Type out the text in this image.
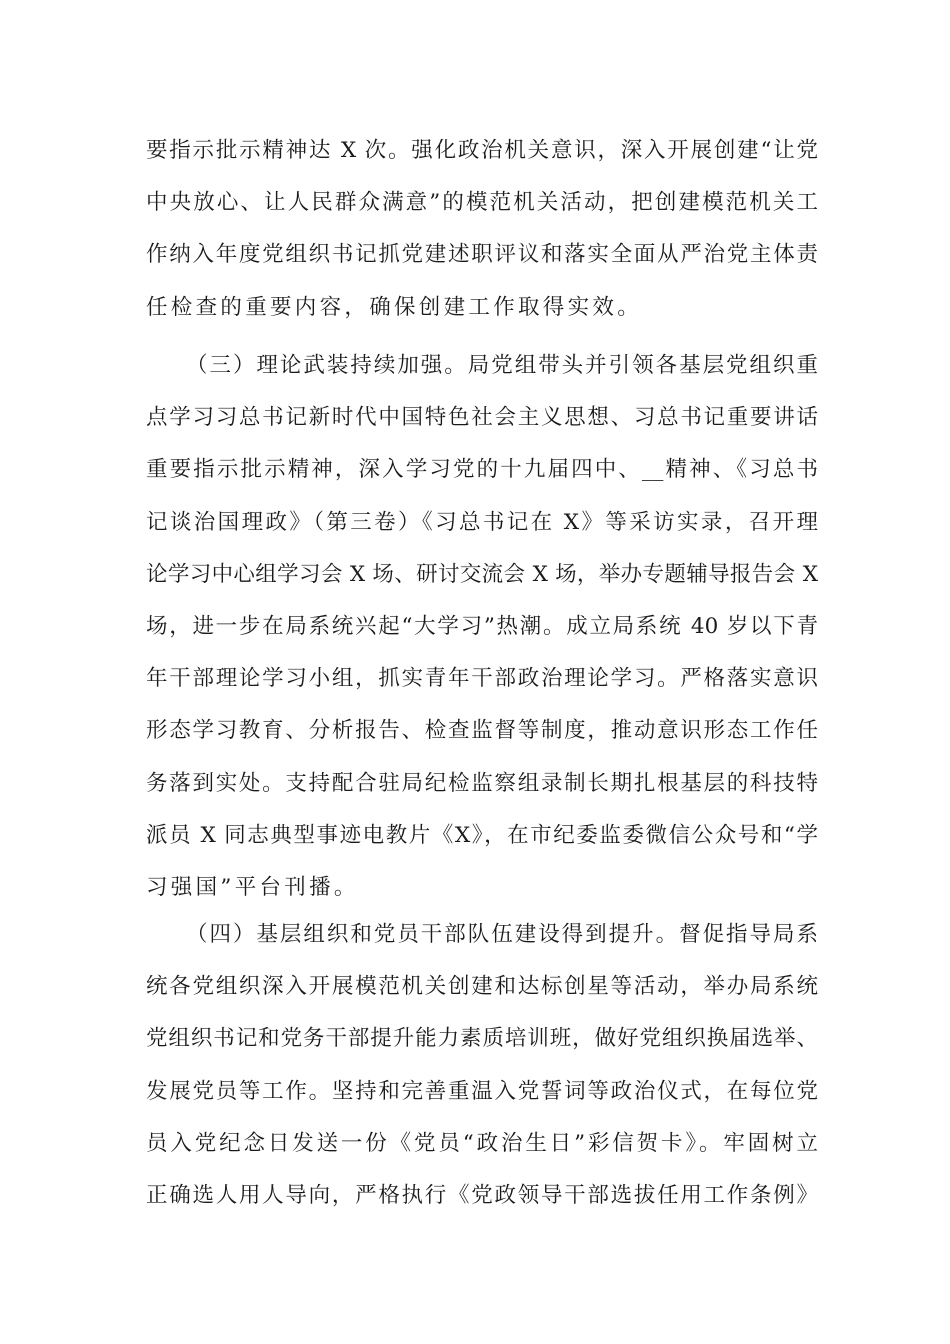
要指示批示精神达 X 次。强化政治机关意识，深入开展创建“让党
中央放心、让人民群众满意”的模范机关活动，把创建模范机关工
作纳入年度党组织书记抓党建述职评议和落实全面从严治党主体责
任检查的重要内容，确保创建工作取得实效。
（三）理论武装持续加强。局党组带头并引领各基层党组织重
点学习习总书记新时代中国特色社会主义思想、习总书记重要讲话
重要指示批示精神，深入学习党的十九届四中、__精神、《习总书
记谈治国理政》（第三卷）《习总书记在 X》等采访实录，召开理
论学习中心组学习会 X 场、研讨交流会 X 场，举办专题辅导报告会 X
场，进一步在局系统兴起“大学习”热潮。成立局系统 40 岁以下青
年干部理论学习小组，抓实青年干部政治理论学习。严格落实意识
形态学习教育、分析报告、检查监督等制度，推动意识形态工作任
务落到实处。支持配合驻局纪检监察组录制长期扎根基层的科技特
派员 X 同志典型事迹电教片《X》，在市纪委监委微信公众号和“学
习强国”平台刊播。
（四）基层组织和党员干部队伍建设得到提升。督促指导局系
统各党组织深入开展模范机关创建和达标创星等活动，举办局系统
党组织书记和党务干部提升能力素质培训班，做好党组织换届选举、
发展党员等工作。坚持和完善重温入党誓词等政治仪式，在每位党
员入党纪念日发送一份《党员“政治生日”彩信贺卡》。牢固树立
正确选人用人导向，严格执行《党政领导干部选拔任用工作条例》
